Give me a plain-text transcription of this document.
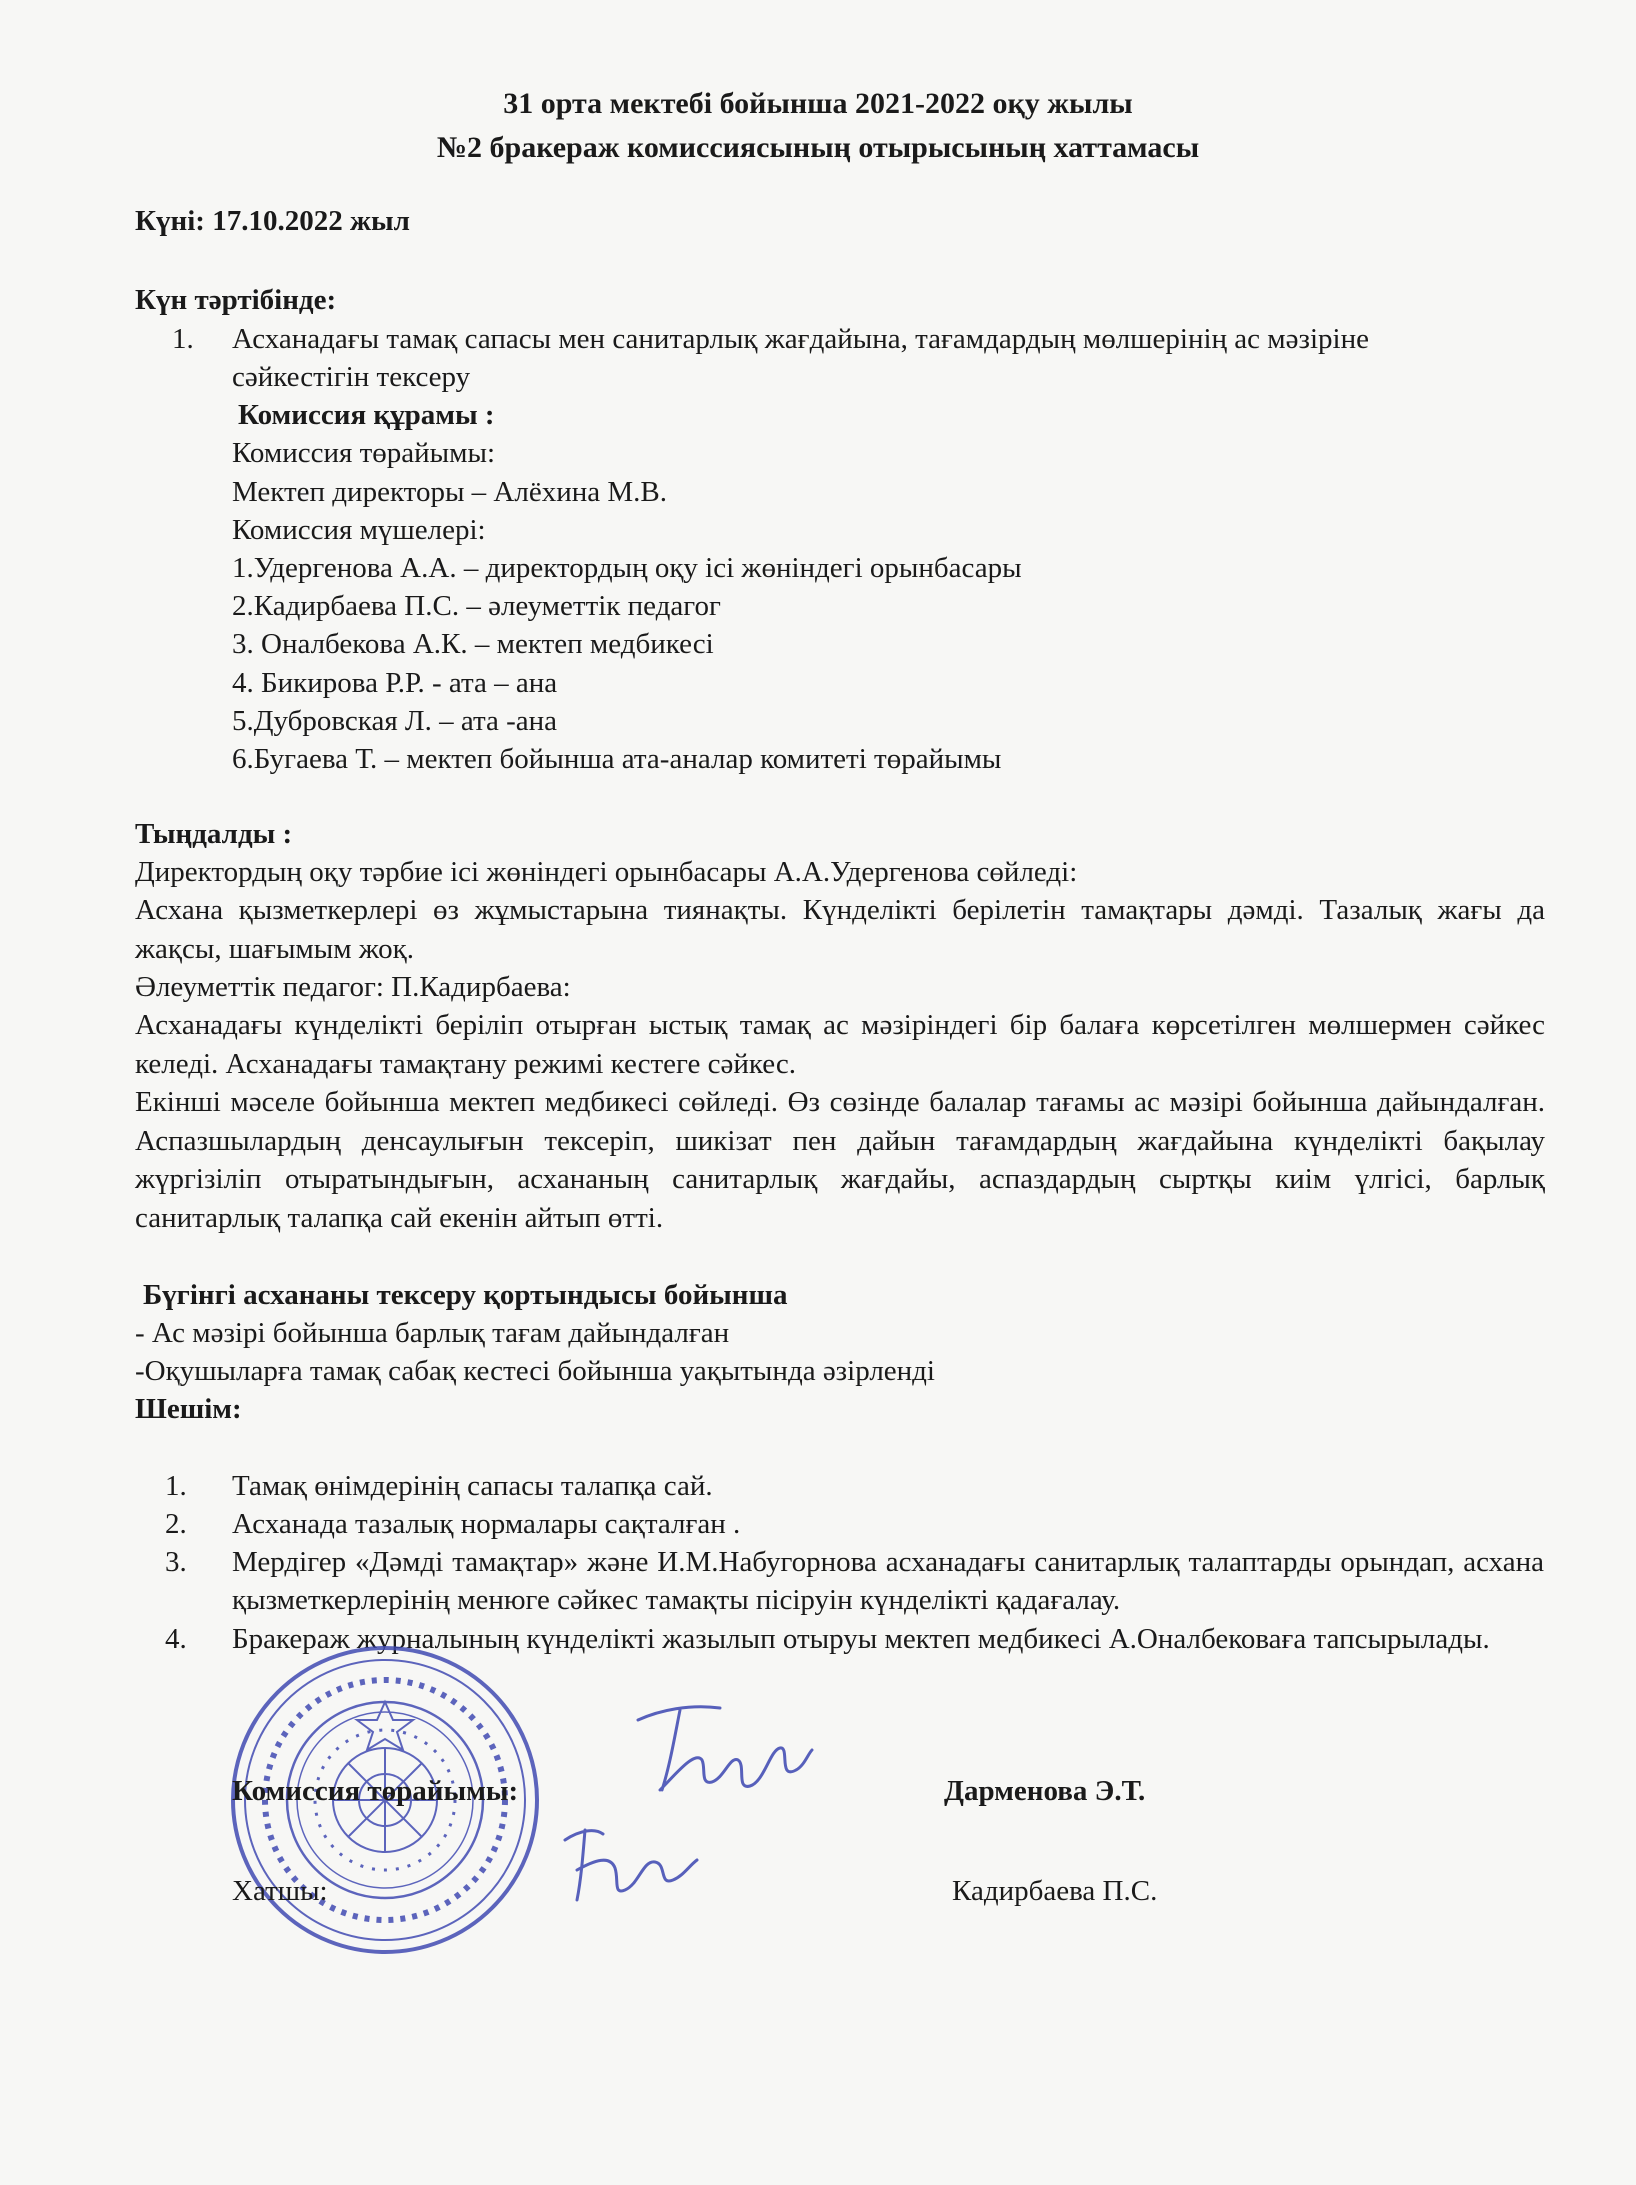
31 орта мектебі бойынша 2021-2022 оқу жылы
№2 бракераж комиссиясының отырысының хаттамасы
Күні: 17.10.2022 жыл
Күн тәртібінде:
1. Асханадағы тамақ сапасы мен санитарлық жағдайына, тағамдардың мөлшерінің ас мәзіріне
сәйкестігін тексеру
Комиссия құрамы :
Комиссия төрайымы:
Мектеп директоры – Алёхина М.В.
Комиссия мүшелері:
1.Удергенова А.А. – директордың оқу ісі жөніндегі орынбасары
2.Кадирбаева П.С. – әлеуметтік педагог
3. Оналбекова А.К. – мектеп медбикесі
4. Бикирова Р.Р. - ата – ана
5.Дубровская Л. – ата -ана
6.Бугаева Т. – мектеп бойынша ата-аналар комитеті төрайымы
Тыңдалды :
Директордың оқу тәрбие ісі жөніндегі орынбасары А.А.Удергенова сөйледі:
Асхана қызметкерлері өз жұмыстарына тиянақты. Күнделікті берілетін тамақтары дәмді. Тазалық жағы да жақсы, шағымым жоқ.
Әлеуметтік педагог: П.Кадирбаева:
Асханадағы күнделікті беріліп отырған ыстық тамақ ас мәзіріндегі бір балаға көрсетілген мөлшермен сәйкес келеді. Асханадағы тамақтану режимі кестеге сәйкес.
Екінші мәселе бойынша мектеп медбикесі сөйледі. Өз сөзінде балалар тағамы ас мәзірі бойынша дайындалған. Аспазшылардың денсаулығын тексеріп, шикізат пен дайын тағамдардың жағдайына күнделікті бақылау жүргізіліп отыратындығын, асхананың санитарлық жағдайы, аспаздардың сыртқы киім үлгісі, барлық санитарлық талапқа сай екенін айтып өтті.
Бүгінгі асхананы тексеру қортындысы бойынша
- Ас мәзірі бойынша барлық тағам дайындалған
-Оқушыларға тамақ сабақ кестесі бойынша уақытында әзірленді
Шешім:
1. Тамақ өнімдерінің сапасы талапқа сай.
2. Асханада тазалық нормалары сақталған .
3. Мердігер «Дәмді тамақтар» және И.М.Набугорнова асханадағы санитарлық талаптарды орындап, асхана қызметкерлерінің менюге сәйкес тамақты пісіруін күнделікті қадағалау.
4. Бракераж журналының күнделікті жазылып отыруы мектеп медбикесі А.Оналбековаға тапсырылады.
Комиссия төрайымы:	Дарменова Э.Т.
Хатшы:	Кадирбаева П.С.
